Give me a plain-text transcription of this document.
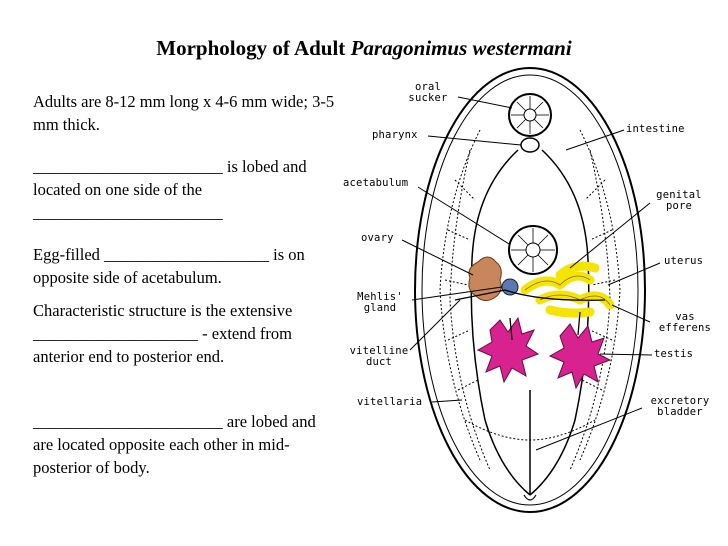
Morphology of Adult Paragonimus westermani
Adults are 8-12 mm long x 4-6 mm wide; 3-5 mm thick.
_______________________ is lobed and located on one side of the _______________________
Egg-filled ____________________ is on opposite side of acetabulum.
Characteristic structure is the extensive ____________________ - extend from anterior end to posterior end.
_______________________ are lobed and are located opposite each other in mid-posterior of body.
oral
sucker
pharynx	intestine
acetabulum
genital
pore
ovary
uterus
Mehlis'
gland
vas
efferens
vitelline
duct
testis
vitellaria	excretory
bladder
